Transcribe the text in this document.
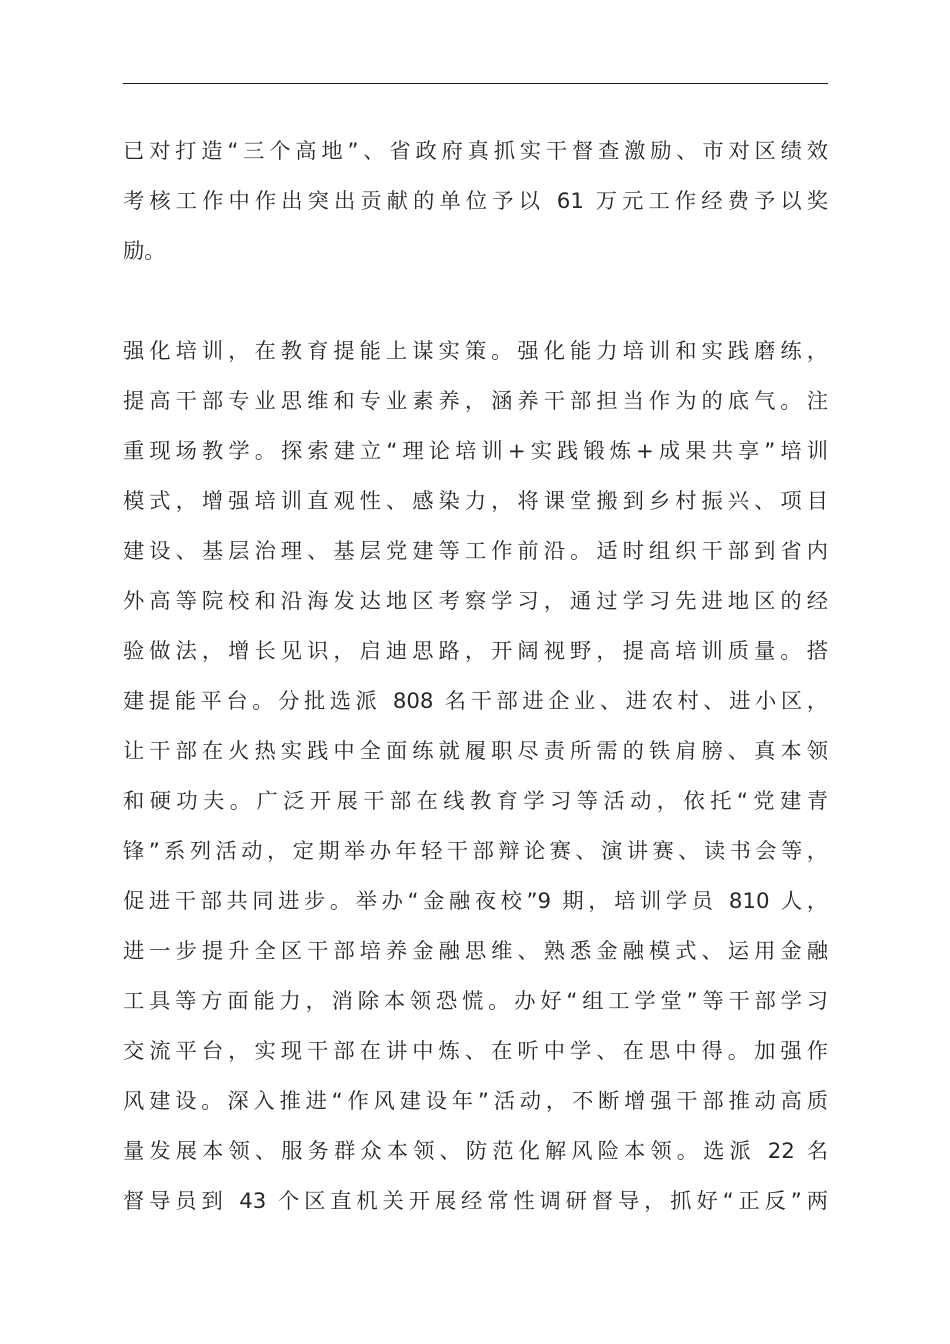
已对打造“三个高地”、省政府真抓实干督查激励、市对区绩效
考核工作中作出突出贡献的单位予以 61 万元工作经费予以奖
励。
强化培训，在教育提能上谋实策。强化能力培训和实践磨练，
提高干部专业思维和专业素养，涵养干部担当作为的底气。注
重现场教学。探索建立“理论培训+实践锻炼+成果共享”培训
模式，增强培训直观性、感染力，将课堂搬到乡村振兴、项目
建设、基层治理、基层党建等工作前沿。适时组织干部到省内
外高等院校和沿海发达地区考察学习，通过学习先进地区的经
验做法，增长见识，启迪思路，开阔视野，提高培训质量。搭
建提能平台。分批选派 808 名干部进企业、进农村、进小区，
让干部在火热实践中全面练就履职尽责所需的铁肩膀、真本领
和硬功夫。广泛开展干部在线教育学习等活动，依托“党建青
锋”系列活动，定期举办年轻干部辩论赛、演讲赛、读书会等，
促进干部共同进步。举办“金融夜校”9 期，培训学员 810 人，
进一步提升全区干部培养金融思维、熟悉金融模式、运用金融
工具等方面能力，消除本领恐慌。办好“组工学堂”等干部学习
交流平台，实现干部在讲中炼、在听中学、在思中得。加强作
风建设。深入推进“作风建设年”活动，不断增强干部推动高质
量发展本领、服务群众本领、防范化解风险本领。选派 22 名
督导员到 43 个区直机关开展经常性调研督导，抓好“正反”两
